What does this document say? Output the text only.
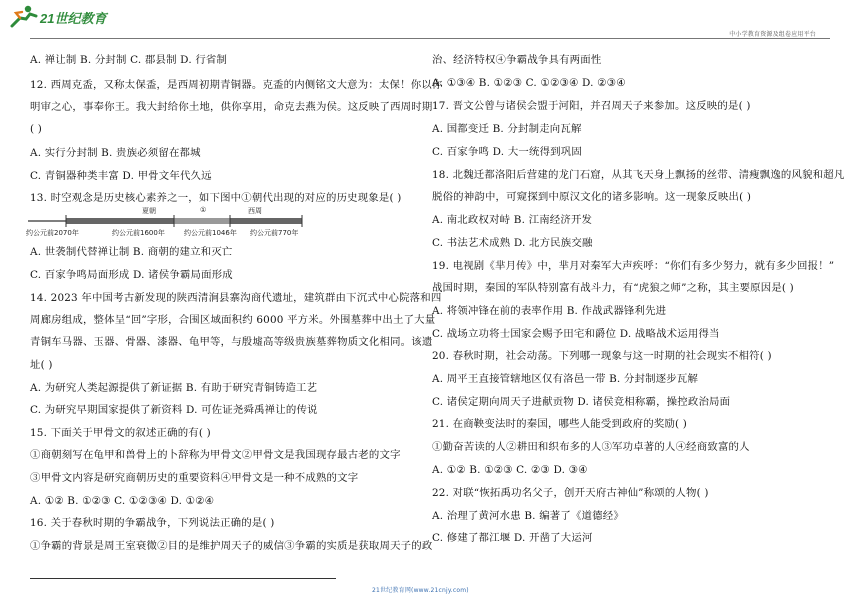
21世纪教育
中小学教育资源及组卷应用平台
A. 禅让制 B. 分封制 C. 郡县制 D. 行省制
12. 西周克盉，又称太保盉，是西周初期青铜器。克盉的内侧铭文大意为：太保！你以你
明审之心，事奉你王。我大封给你土地，供你享用，命克去燕为侯。这反映了西周时期
( )
A. 实行分封制 B. 贵族必须留在都城
C. 青铜器种类丰富 D. 甲骨文年代久远
13. 时空观念是历史核心素养之一，如下图中①朝代出现的对应的历史现象是( )
夏朝	①	西周
约公元前2070年	约公元前1600年	约公元前1046年 约公元前770年
A. 世袭制代替禅让制 B. 商朝的建立和灭亡
C. 百家争鸣局面形成 D. 诸侯争霸局面形成
14. 2023 年中国考古新发现的陕西清涧县寨沟商代遗址，建筑群由下沉式中心院落和四
周廊房组成，整体呈“回”字形，合围区域面积约 6000 平方米。外围墓葬中出土了大量
青铜车马器、玉器、骨器、漆器、龟甲等，与殷墟高等级贵族墓葬物质文化相同。该遗
址( )
A. 为研究人类起源提供了新证据 B. 有助于研究青铜铸造工艺
C. 为研究早期国家提供了新资料 D. 可佐证尧舜禹禅让的传说
15. 下面关于甲骨文的叙述正确的有( )
①商朝刻写在龟甲和兽骨上的卜辞称为甲骨文②甲骨文是我国现存最古老的文字
③甲骨文内容是研究商朝历史的重要资料④甲骨文是一种不成熟的文字
A. ①② B. ①②③ C. ①②③④ D. ①②④
16. 关于春秋时期的争霸战争，下列说法正确的是( )
①争霸的背景是周王室衰微②目的是维护周天子的威信③争霸的实质是获取周天子的政
治、经济特权④争霸战争具有两面性
A. ①③④ B. ①②③ C. ①②③④ D. ②③④
17. 晋文公曾与诸侯会盟于河阳，并召周天子来参加。这反映的是( )
A. 国都变迁 B. 分封制走向瓦解
C. 百家争鸣 D. 大一统得到巩固
18. 北魏迁都洛阳后营建的龙门石窟，从其飞天身上飘扬的丝带、清瘦飘逸的风貌和超凡
脱俗的神韵中，可窥探到中原汉文化的诸多影响。这一现象反映出( )
A. 南北政权对峙 B. 江南经济开发
C. 书法艺术成熟 D. 北方民族交融
19. 电视剧《芈月传》中，芈月对秦军大声疾呼：“你们有多少努力，就有多少回报！”
战国时期，秦国的军队特别富有战斗力，有“虎狼之师”之称，其主要原因是( )
A. 将领冲锋在前的表率作用 B. 作战武器锋利先进
C. 战场立功将士国家会赐予田宅和爵位 D. 战略战术运用得当
20. 春秋时期，社会动荡。下列哪一现象与这一时期的社会现实不相符( )
A. 周平王直接管辖地区仅有洛邑一带 B. 分封制逐步瓦解
C. 诸侯定期向周天子进献贡物 D. 诸侯竞相称霸，操控政治局面
21. 在商鞅变法时的秦国，哪些人能受到政府的奖励( )
①勤奋苦读的人②耕田和织布多的人③军功卓著的人④经商致富的人
A. ①② B. ①②③ C. ②③ D. ③④
22. 对联“恢拓禹功名父子，创开天府古神仙”称颂的人物( )
A. 治理了黄河水患 B. 编著了《道德经》
C. 修建了都江堰 D. 开凿了大运河
21世纪教育网(www.21cnjy.com)
